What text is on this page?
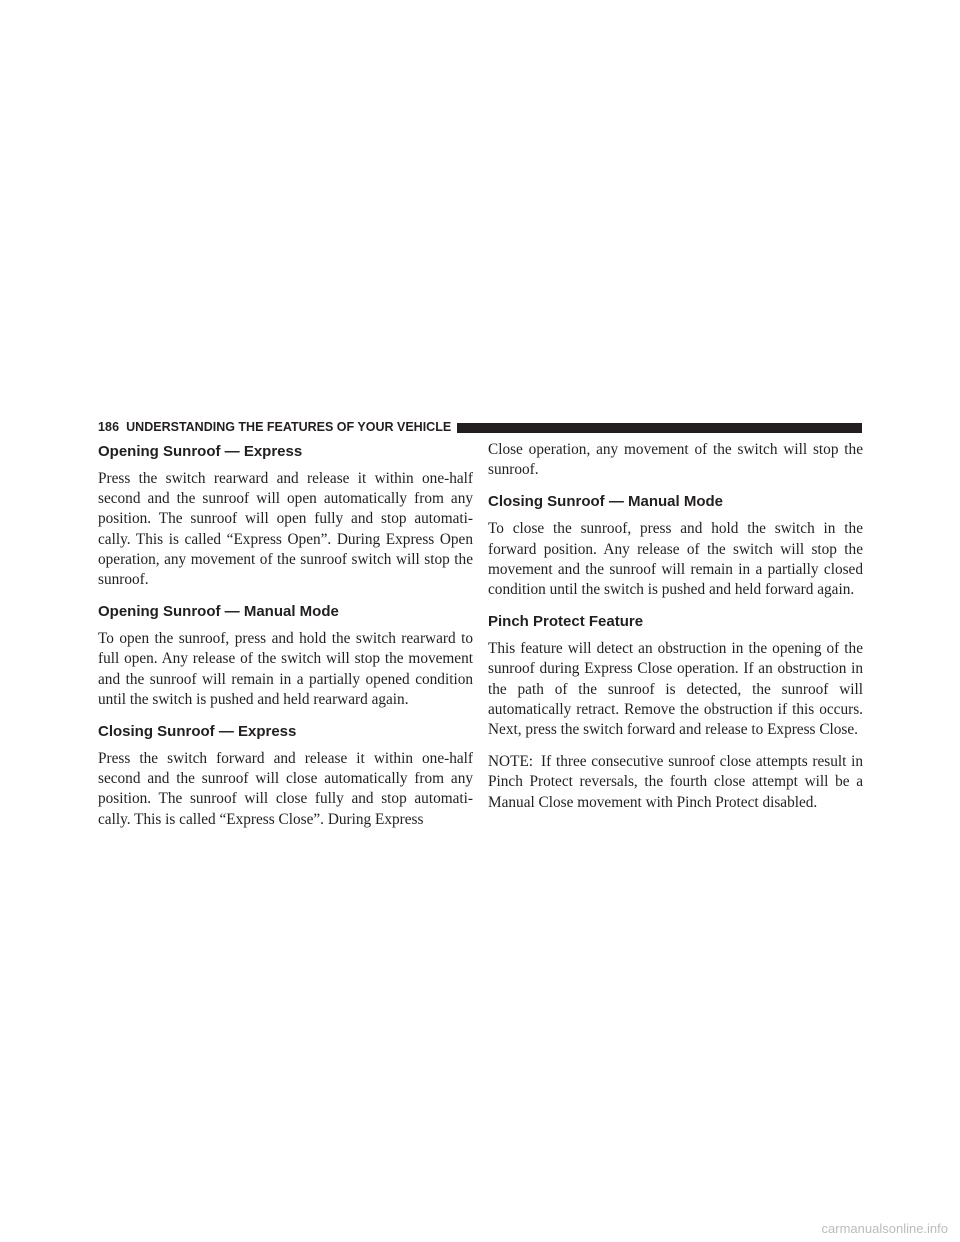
186 UNDERSTANDING THE FEATURES OF YOUR VEHICLE
Opening Sunroof — Express

Press the switch rearward and release it within one-half second and the sunroof will open automatically from any position. The sunroof will open fully and stop automati-cally. This is called “Express Open”. During Express Open operation, any movement of the sunroof switch will stop the sunroof.

Opening Sunroof — Manual Mode

To open the sunroof, press and hold the switch rearward to full open. Any release of the switch will stop the movement and the sunroof will remain in a partially opened condition until the switch is pushed and held rearward again.

Closing Sunroof — Express

Press the switch forward and release it within one-half second and the sunroof will close automatically from any position. The sunroof will close fully and stop automati-cally. This is called “Express Close”. During Express

Close operation, any movement of the switch will stop the sunroof.

Closing Sunroof — Manual Mode

To close the sunroof, press and hold the switch in the forward position. Any release of the switch will stop the movement and the sunroof will remain in a partially closed condition until the switch is pushed and held forward again.

Pinch Protect Feature

This feature will detect an obstruction in the opening of the sunroof during Express Close operation. If an obstruction in the path of the sunroof is detected, the sunroof will automatically retract. Remove the obstruction if this occurs. Next, press the switch forward and release to Express Close.

NOTE: If three consecutive sunroof close attempts result in Pinch Protect reversals, the fourth close attempt will be a Manual Close movement with Pinch Protect disabled.

carmanualsonline.info
